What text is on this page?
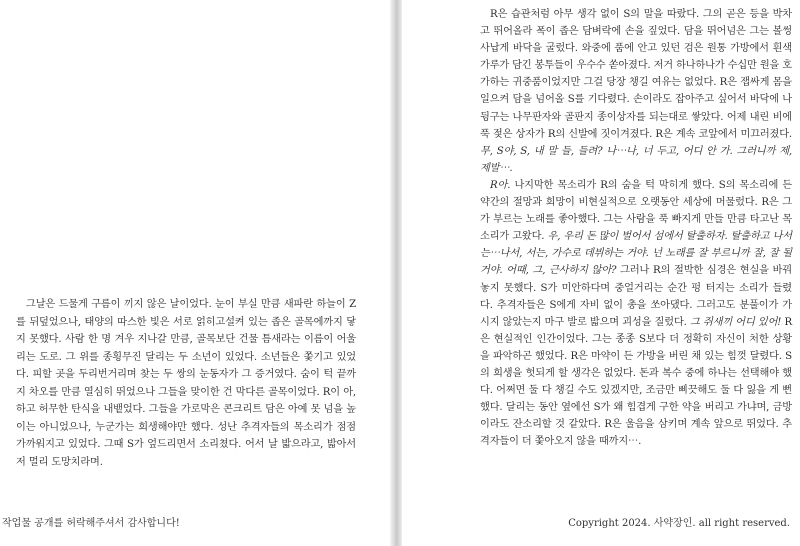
그날은 드물게 구름이 끼지 않은 날이었다. 눈이 부실 만큼 새파란 하늘이 Z를 뒤덮었으나, 태양의 따스한 빛은 서로 얽히고설켜 있는 좁은 골목에까지 닿지 못했다. 사람 한 명 겨우 지나갈 만큼, 골목보단 건물 틈새라는 이름이 어울리는 도로. 그 위를 종횡무진 달리는 두 소년이 있었다. 소년들은 쫓기고 있었다. 피할 곳을 두리번거리며 찾는 두 쌍의 눈동자가 그 증거였다. 숨이 턱 끝까지 차오를 만큼 열심히 뛰었으나 그들을 맞이한 건 막다른 골목이었다. R이 아, 하고 허무한 탄식을 내뱉었다. 그들을 가로막은 콘크리트 담은 아예 못 넘을 높이는 아니었으나, 누군가는 희생해야만 했다. 성난 추격자들의 목소리가 점점 가까워지고 있었다. 그때 S가 엎드리면서 소리쳤다. 어서 날 밟으라고, 밟아서 저 멀리 도망치라며.

작업물 공개를 허락해주셔서 감사합니다!

R은 습관처럼 아무 생각 없이 S의 말을 따랐다. 그의 곧은 등을 박차고 뛰어올라 폭이 좁은 담벼락에 손을 짚었다. 담을 뛰어넘은 그는 볼썽사납게 바닥을 굴렀다. 와중에 품에 안고 있던 검은 원통 가방에서 흰색 가루가 담긴 봉투들이 우수수 쏟아졌다. 저거 하나하나가 수십만 원을 호가하는 귀중품이었지만 그걸 당장 챙길 여유는 없었다. R은 잽싸게 몸을 일으켜 담을 넘어올 S를 기다렸다. 손이라도 잡아주고 싶어서 바닥에 나뒹구는 나무판자와 골판지 종이상자를 되는대로 쌓았다. 어제 내린 비에 푹 젖은 상자가 R의 신발에 짓이겨졌다. R은 계속 코앞에서 미끄러졌다. 무, S야, S, 내 말 들, 들려? 나⋯나, 너 두고, 어디 안 가. 그러니까 제, 제발⋯.

R아. 나지막한 목소리가 R의 숨을 턱 막히게 했다. S의 목소리에 든 약간의 절망과 희망이 비현실적으로 오랫동안 세상에 머물렀다. R은 그가 부르는 노래를 좋아했다. 그는 사람을 푹 빠지게 만들 만큼 타고난 목소리가 고왔다. 우, 우리 돈 많이 벌어서 섬에서 탈출하자. 탈출하고 나서는⋯나서, 서는, 가수로 데뷔하는 거야. 넌 노래를 잘 부르니까 잘, 잘 될 거야. 어때, 그, 근사하지 않아? 그러나 R의 절박한 심경은 현실을 바꿔놓지 못했다. S가 미안하다며 중얼거리는 순간 펑 터지는 소리가 들렸다. 추격자들은 S에게 자비 없이 총을 쏘아댔다. 그러고도 분풀이가 가시지 않았는지 마구 발로 밟으며 괴성을 질렀다. 그 쥐새끼 어디 있어! R은 현실적인 인간이었다. 그는 종종 S보다 더 정확히 자신이 처한 상황을 파악하곤 했었다. R은 마약이 든 가방을 버린 채 있는 힘껏 달렸다. S의 희생을 헛되게 할 생각은 없었다. 돈과 복수 중에 하나는 선택해야 했다. 어쩌면 둘 다 챙길 수도 있겠지만, 조금만 삐끗해도 둘 다 잃을 게 뻔했다. 달리는 동안 옆에선 S가 왜 힘겹게 구한 약을 버리고 가냐며, 금방이라도 잔소리할 것 같았다. R은 울음을 삼키며 계속 앞으로 뛰었다. 추격자들이 더 쫓아오지 않을 때까지⋯.

Copyright 2024. 사약장인. all right reserved.
